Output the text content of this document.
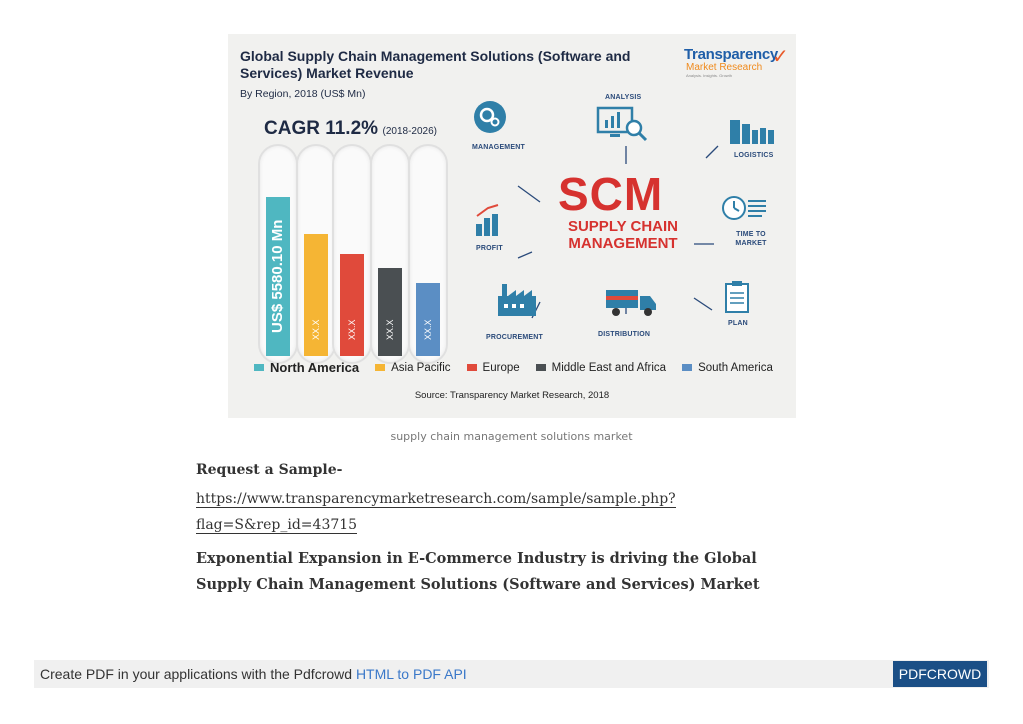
Global Supply Chain Management Solutions (Software and Services) Market Revenue
By Region, 2018 (US$ Mn)
Transparency
Market Research
Analysis. Insights. Growth
✓
CAGR 11.2% (2018-2026)
US$ 5580.10 Mn	XX.X	XX.X	XX.X	XX.X
North America	Asia Pacific	Europe	Middle East and Africa	South America
Source: Transparency Market Research, 2018
SCM
SUPPLY CHAIN MANAGEMENT
MANAGEMENT
ANALYSIS
LOGISTICS
PROFIT
TIME TO MARKET
PROCUREMENT	DISTRIBUTION
PLAN
supply chain management solutions market
Request a Sample-
https://www.transparencymarketresearch.com/sample/sample.php?flag=S&rep_id=43715
Exponential Expansion in E-Commerce Industry is driving the Global Supply Chain Management Solutions (Software and Services) Market
Create PDF in your applications with the Pdfcrowd HTML to PDF API	PDFCROWD
